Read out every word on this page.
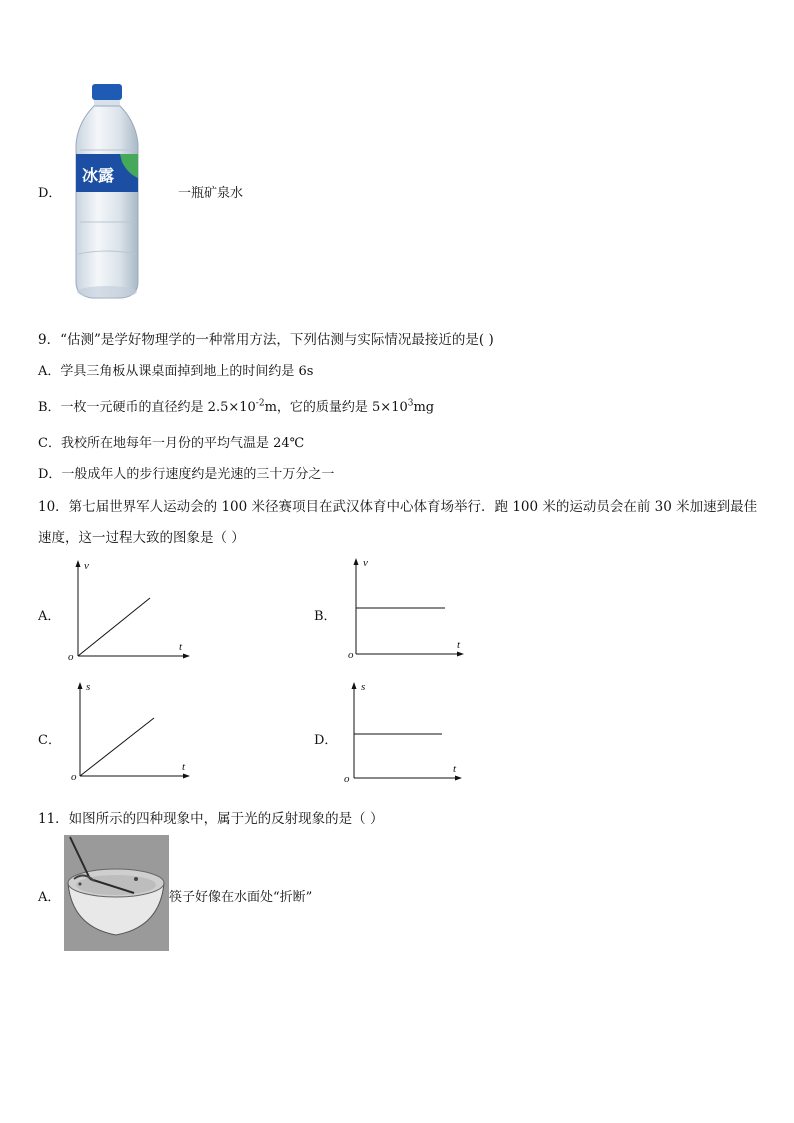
D．
冰露
一瓶矿泉水
9．“估测”是学好物理学的一种常用方法，下列估测与实际情况最接近的是( )
A．学具三角板从课桌面掉到地上的时间约是 6s
B．一枚一元硬币的直径约是 $2.5\times 10^{-2}m$，它的质量约是 $5\times 10^3mg$
C．我校所在地每年一月份的平均气温是 24℃
D．一般成年人的步行速度约是光速的三十万分之一
10．第七届世界军人运动会的 100 米径赛项目在武汉体育中心体育场举行．跑 100 米的运动员会在前 30 米加速到最佳
速度，这一过程大致的图象是（ ）
A．
v
t
o
B．
v
t
o
C．
s
t
o
D．
s
t
o
11．如图所示的四种现象中，属于光的反射现象的是（ ）
A．	筷子好像在水面处“折断”
